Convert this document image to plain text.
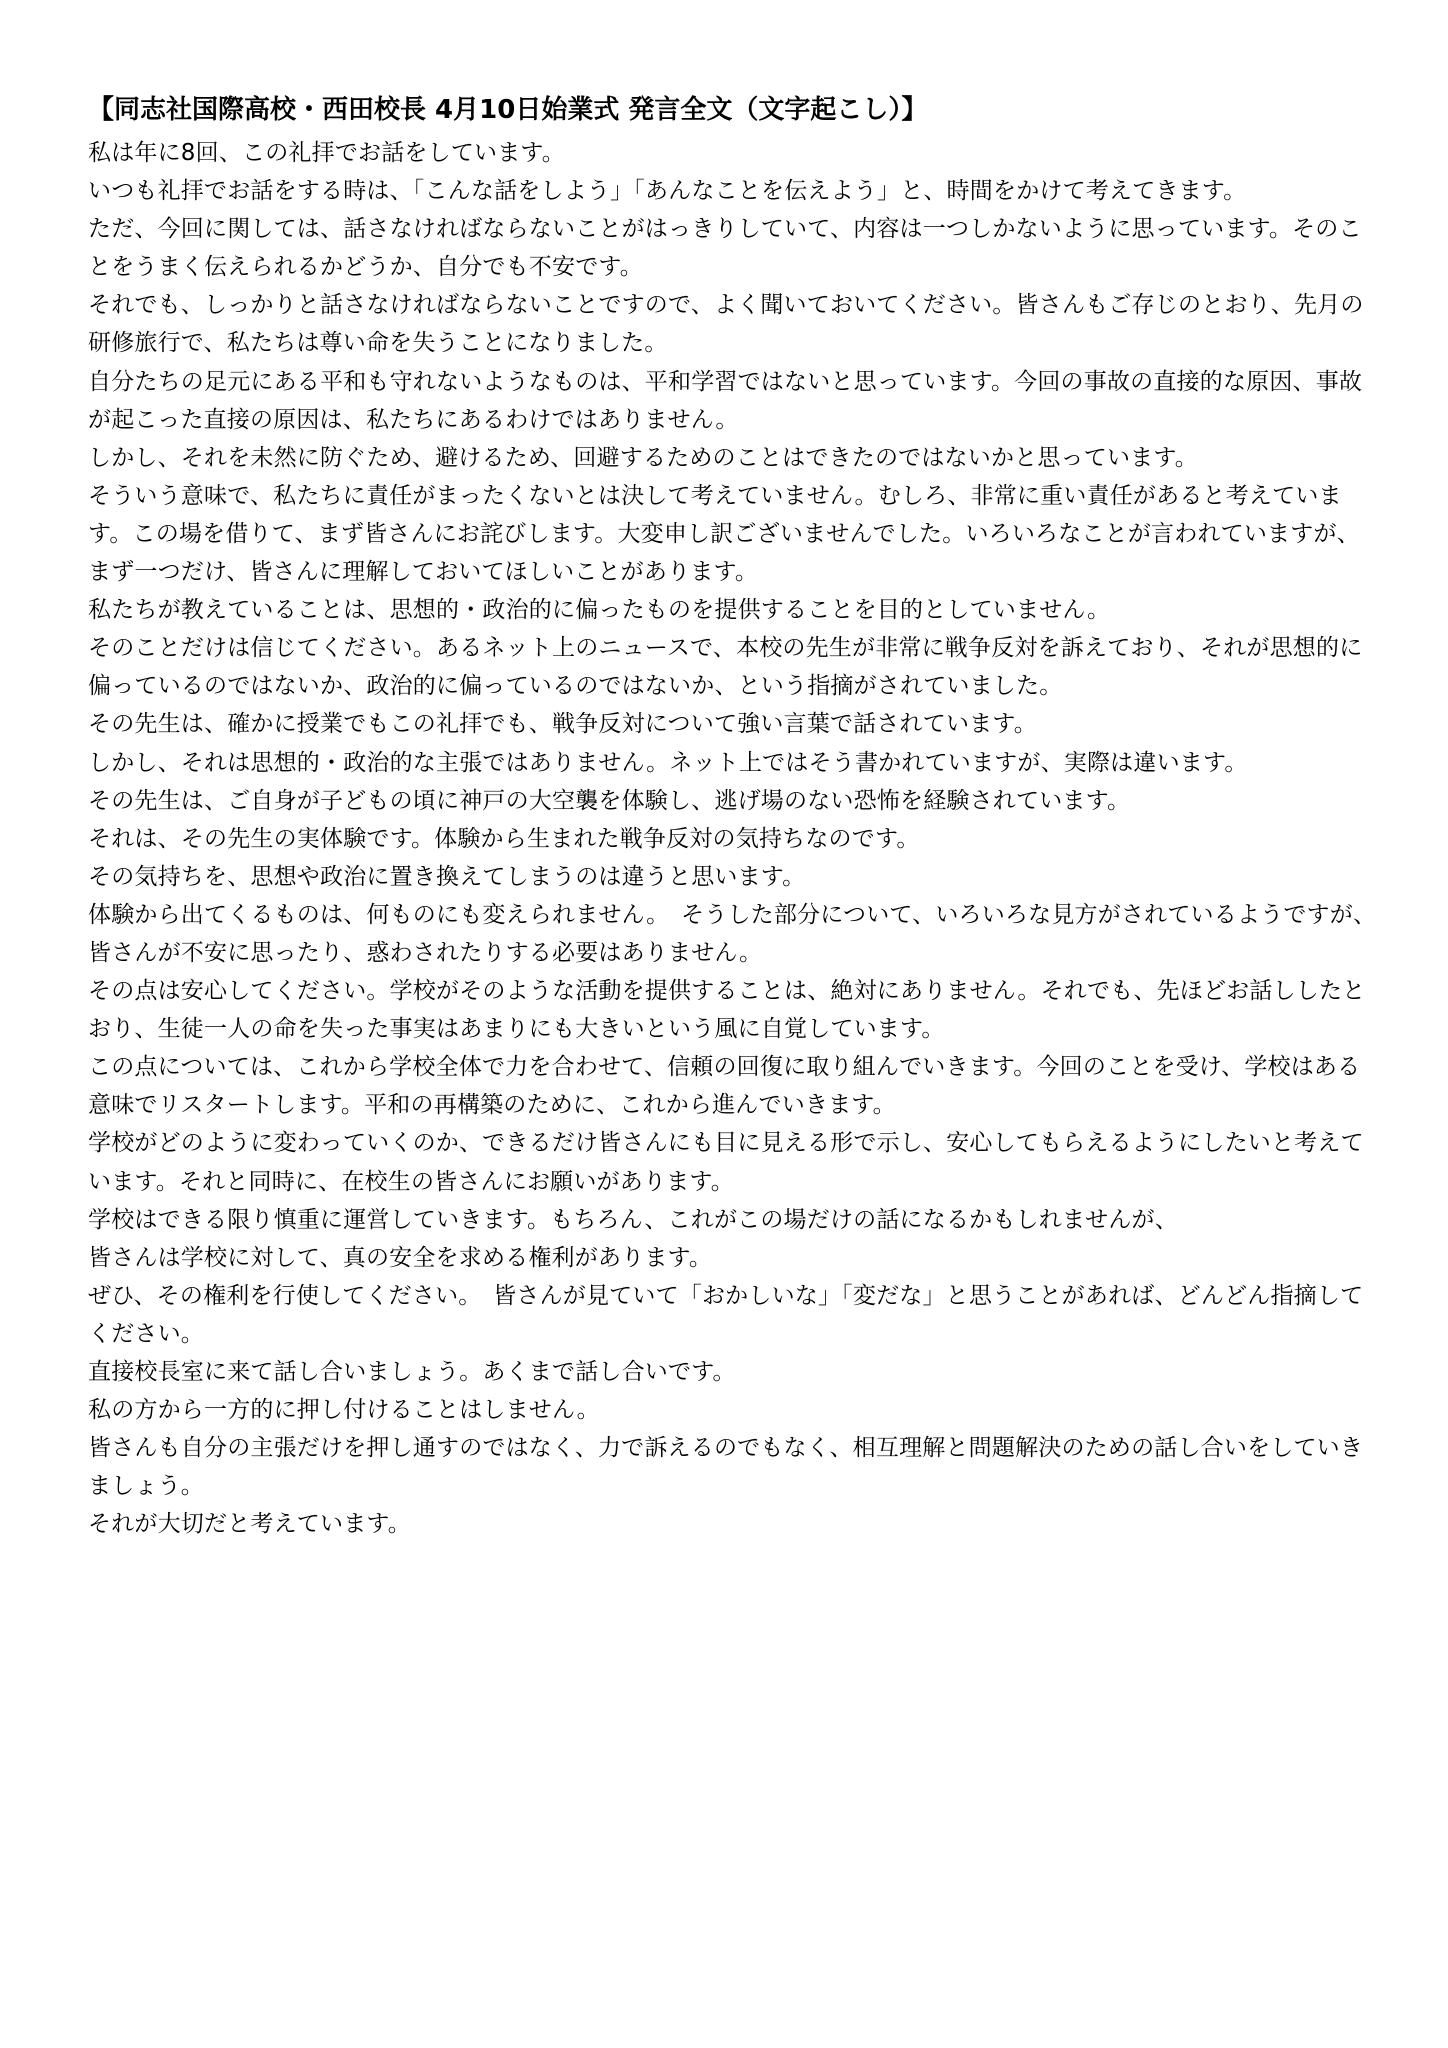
【同志社国際高校・西田校長 4月10日始業式 発言全文（文字起こし）】

私は年に8回、この礼拝でお話をしています。

いつも礼拝でお話をする時は、「こんな話をしよう」「あんなことを伝えよう」と、時間をかけて考えてきます。

ただ、今回に関しては、話さなければならないことがはっきりしていて、内容は一つしかないように思っています。そのことをうまく伝えられるかどうか、自分でも不安です。

それでも、しっかりと話さなければならないことですので、よく聞いておいてください。皆さんもご存じのとおり、先月の研修旅行で、私たちは尊い命を失うことになりました。

自分たちの足元にある平和も守れないようなものは、平和学習ではないと思っています。今回の事故の直接的な原因、事故が起こった直接の原因は、私たちにあるわけではありません。

しかし、それを未然に防ぐため、避けるため、回避するためのことはできたのではないかと思っています。

そういう意味で、私たちに責任がまったくないとは決して考えていません。むしろ、非常に重い責任があると考えています。この場を借りて、まず皆さんにお詫びします。大変申し訳ございませんでした。いろいろなことが言われていますが、まず一つだけ、皆さんに理解しておいてほしいことがあります。

私たちが教えていることは、思想的・政治的に偏ったものを提供することを目的としていません。

そのことだけは信じてください。あるネット上のニュースで、本校の先生が非常に戦争反対を訴えており、それが思想的に偏っているのではないか、政治的に偏っているのではないか、という指摘がされていました。

その先生は、確かに授業でもこの礼拝でも、戦争反対について強い言葉で話されています。

しかし、それは思想的・政治的な主張ではありません。ネット上ではそう書かれていますが、実際は違います。

その先生は、ご自身が子どもの頃に神戸の大空襲を体験し、逃げ場のない恐怖を経験されています。

それは、その先生の実体験です。体験から生まれた戦争反対の気持ちなのです。

その気持ちを、思想や政治に置き換えてしまうのは違うと思います。

体験から出てくるものは、何ものにも変えられません。　そうした部分について、いろいろな見方がされているようですが、皆さんが不安に思ったり、惑わされたりする必要はありません。

その点は安心してください。学校がそのような活動を提供することは、絶対にありません。それでも、先ほどお話ししたとおり、生徒一人の命を失った事実はあまりにも大きいという風に自覚しています。

この点については、これから学校全体で力を合わせて、信頼の回復に取り組んでいきます。今回のことを受け、学校はある意味でリスタートします。平和の再構築のために、これから進んでいきます。

学校がどのように変わっていくのか、できるだけ皆さんにも目に見える形で示し、安心してもらえるようにしたいと考えています。それと同時に、在校生の皆さんにお願いがあります。

学校はできる限り慎重に運営していきます。もちろん、これがこの場だけの話になるかもしれませんが、

皆さんは学校に対して、真の安全を求める権利があります。

ぜひ、その権利を行使してください。　皆さんが見ていて「おかしいな」「変だな」と思うことがあれば、どんどん指摘してください。

直接校長室に来て話し合いましょう。あくまで話し合いです。

私の方から一方的に押し付けることはしません。

皆さんも自分の主張だけを押し通すのではなく、力で訴えるのでもなく、相互理解と問題解決のための話し合いをしていきましょう。

それが大切だと考えています。
